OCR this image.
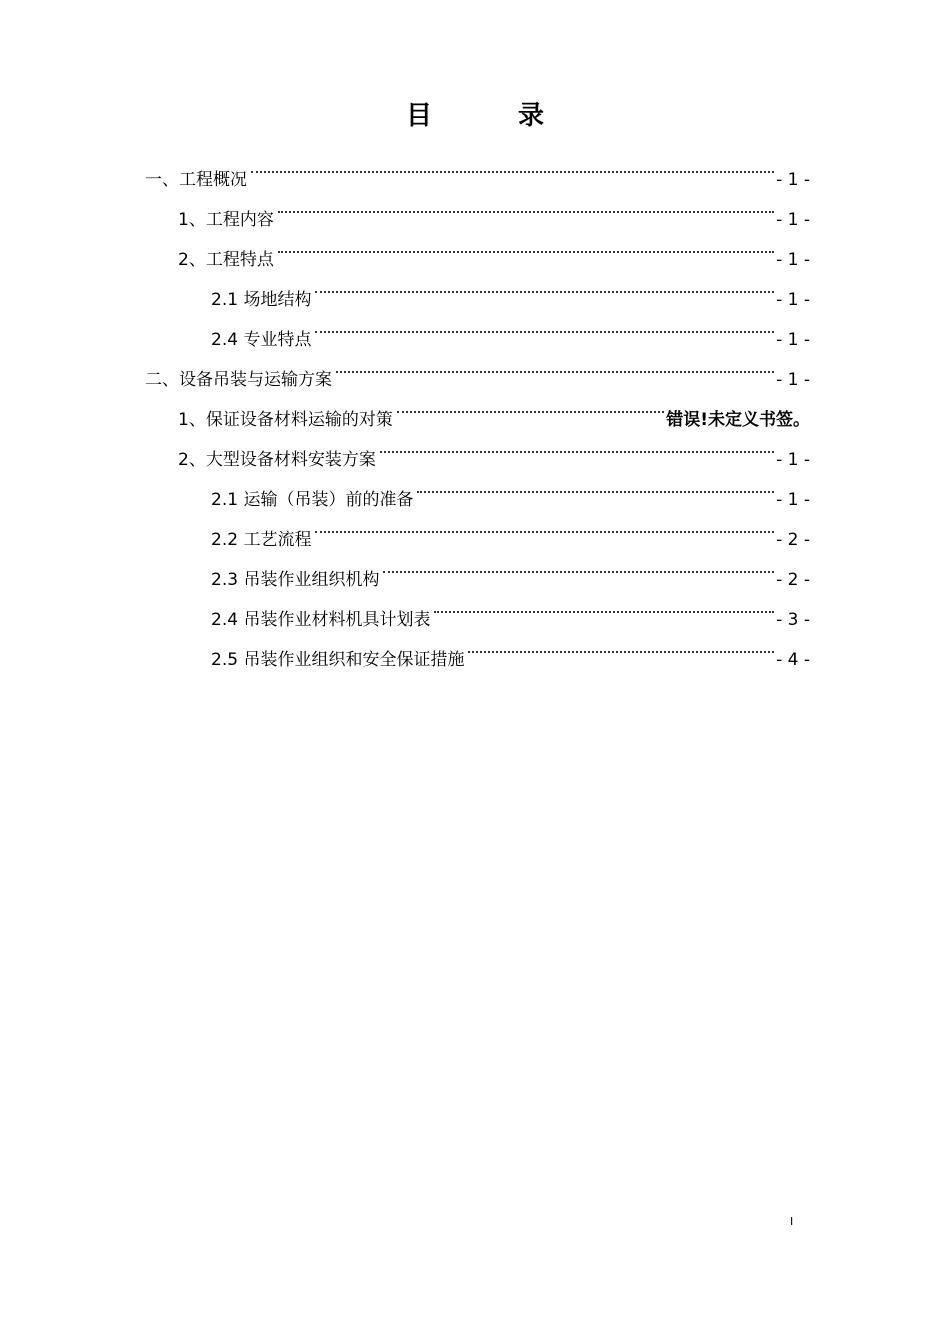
目　录
一、工程概况	- 1 -
1、工程内容	- 1 -
2、工程特点	- 1 -
2.1 场地结构	- 1 -
2.4 专业特点	- 1 -
二、设备吊装与运输方案	- 1 -
1、保证设备材料运输的对策	错误!未定义书签。
2、大型设备材料安装方案	- 1 -
2.1 运输（吊装）前的准备	- 1 -
2.2 工艺流程	- 2 -
2.3 吊装作业组织机构	- 2 -
2.4 吊装作业材料机具计划表	- 3 -
2.5 吊装作业组织和安全保证措施	- 4 -
I
